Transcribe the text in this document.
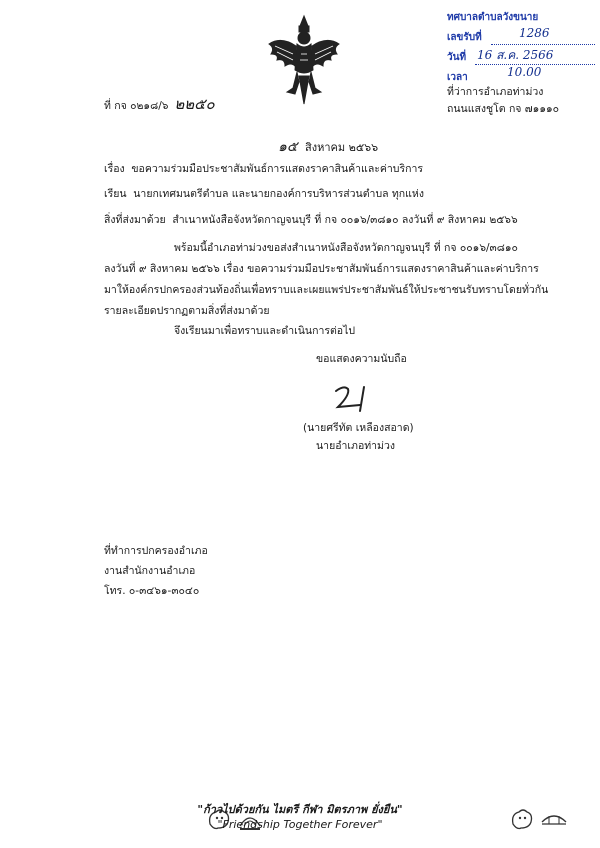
ทศบาลตำบลวังขนาย
เลขรับที่	1286
วันที่ 16 ส.ค. 2566
เวลา	10.00
ที่ กจ ๐๒๑๘/๖ ๒๒๕๐
ที่ว่าการอำเภอท่าม่วง
ถนนแสงชูโต กจ ๗๑๑๑๐
๑๕ สิงหาคม ๒๕๖๖
เรื่อง ขอความร่วมมือประชาสัมพันธ์การแสดงราคาสินค้าและค่าบริการ
เรียน นายกเทศมนตรีตำบล และนายกองค์การบริหารส่วนตำบล ทุกแห่ง
สิ่งที่ส่งมาด้วย สำเนาหนังสือจังหวัดกาญจนบุรี ที่ กจ ๐๐๑๖/๓๘๑๐ ลงวันที่ ๙ สิงหาคม ๒๕๖๖
พร้อมนี้อำเภอท่าม่วงขอส่งสำเนาหนังสือจังหวัดกาญจนบุรี ที่ กจ ๐๐๑๖/๓๘๑๐
ลงวันที่ ๙ สิงหาคม ๒๕๖๖ เรื่อง ขอความร่วมมือประชาสัมพันธ์การแสดงราคาสินค้าและค่าบริการ
มาให้องค์กรปกครองส่วนท้องถิ่นเพื่อทราบและเผยแพร่ประชาสัมพันธ์ให้ประชาชนรับทราบโดยทั่วกัน
รายละเอียดปรากฏตามสิ่งที่ส่งมาด้วย
จึงเรียนมาเพื่อทราบและดำเนินการต่อไป
ขอแสดงความนับถือ
(นายศรีทัต เหลืองสอาด)
นายอำเภอท่าม่วง
ที่ทำการปกครองอำเภอ
งานสำนักงานอำเภอ
โทร. ๐-๓๔๖๑-๓๐๔๐
"ก้าวไปด้วยกัน ไมตรี กีฬา มิตรภาพ ยั่งยืน"
"Friendship Together Forever"
